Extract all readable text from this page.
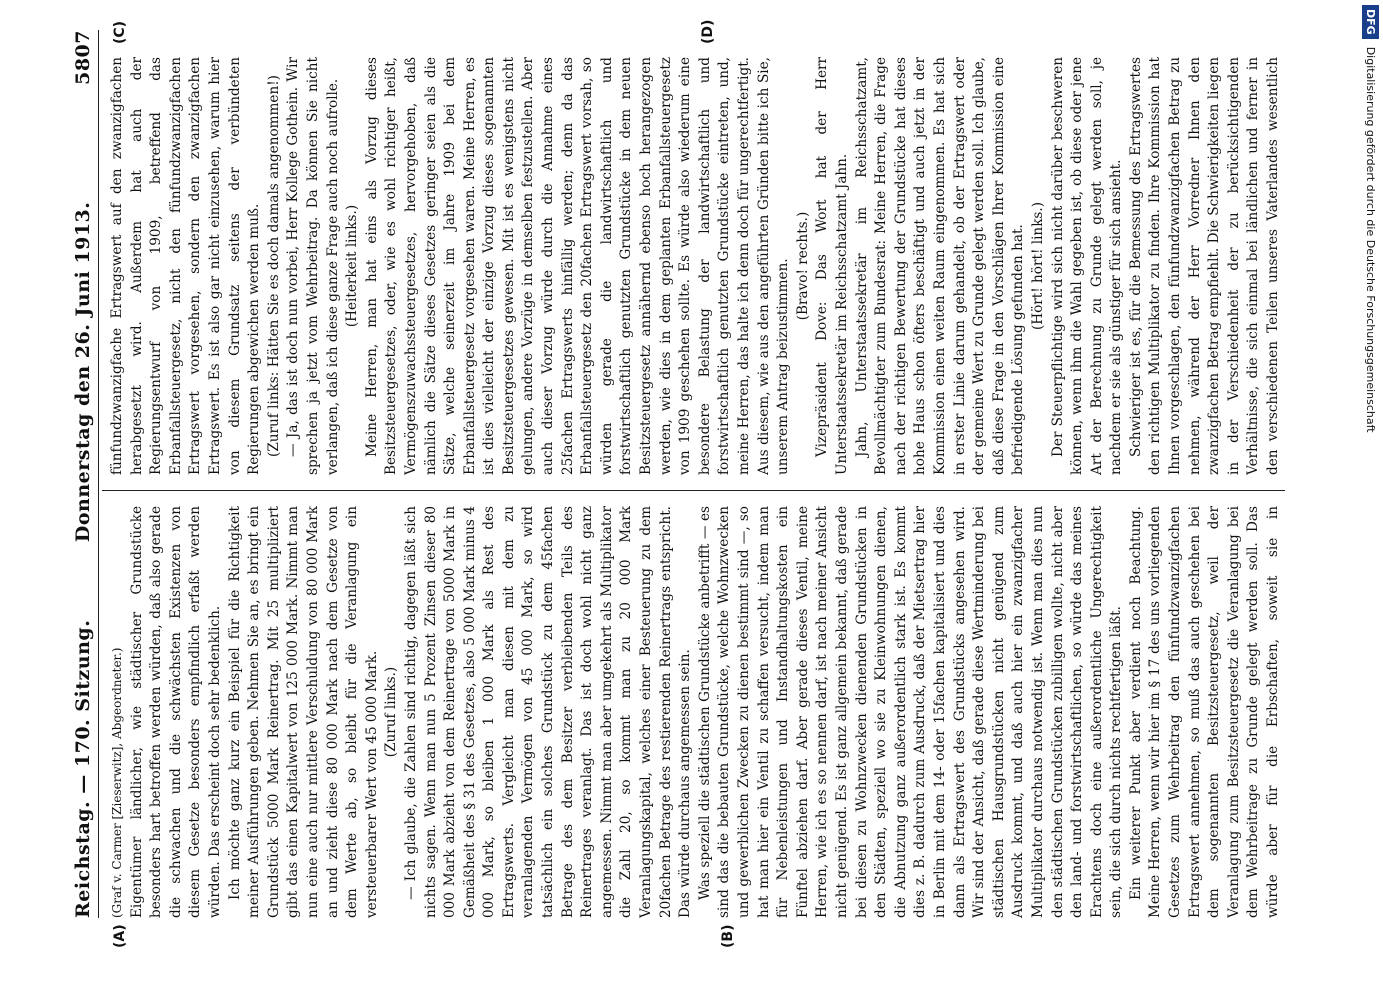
Reichstag. — 170. Sitzung.
Donnerstag den 26. Juni 1913.
5807
(A)	(B)
(C)	(D)

(Graf v. Carmer [Zieserwitz], Abgeordneter.) Eigentümer ländlicher, wie städtischer Grundstücke besonders hart betroffen werden würden, daß also gerade die schwachen und die schwächsten Existenzen von diesem Gesetze besonders empfindlich erfaßt werden würden. Das erscheint doch sehr bedenklich. Ich möchte ganz kurz ein Beispiel für die Richtigkeit meiner Ausführungen geben. Nehmen Sie an, es bringt ein Grundstück 5000 Mark Reinertrag. Mit 25 multipliziert gibt das einen Kapitalwert von 125 000 Mark. Nimmt man nun eine auch nur mittlere Verschuldung von 80 000 Mark an und zieht diese 80 000 Mark nach dem Gesetze von dem Werte ab, so bleibt für die Veranlagung ein versteuerbarer Wert von 45 000 Mark. (Zuruf links.) — Ich glaube, die Zahlen sind richtig, dagegen läßt sich nichts sagen. Wenn man nun 5 Prozent Zinsen dieser 80 000 Mark abzieht von dem Reinertrage von 5000 Mark in Gemäßheit des § 31 des Gesetzes, also 5 000 Mark minus 4 000 Mark, so bleiben 1 000 Mark als Rest des Ertragswerts. Vergleicht man diesen mit dem zu veranlagenden Vermögen von 45 000 Mark, so wird tatsächlich ein solches Grundstück zu dem 45fachen Betrage des dem Besitzer verbleibenden Teils des Reinertrages veranlagt. Das ist doch wohl nicht ganz angemessen. Nimmt man aber umgekehrt als Multiplikator die Zahl 20, so kommt man zu 20 000 Mark Veranlagungskapital, welches einer Besteuerung zu dem 20fachen Betrage des restierenden Reinertrags entspricht. Das würde durchaus angemessen sein. Was speziell die städtischen Grundstücke anbetrifft — es sind das die bebauten Grundstücke, welche Wohnzwecken und gewerblichen Zwecken zu dienen bestimmt sind —, so hat man hier ein Ventil zu schaffen versucht, indem man für Nebenleistungen und Instandhaltungskosten ein Fünftel abziehen darf. Aber gerade dieses Ventil, meine Herren, wie ich es so nennen darf, ist nach meiner Ansicht nicht genügend. Es ist ganz allgemein bekannt, daß gerade bei diesen zu Wohnzwecken dienenden Grundstücken in den Städten, speziell wo sie zu Kleinwohnungen dienen, die Abnutzung ganz außerordentlich stark ist. Es kommt dies z. B. dadurch zum Ausdruck, daß der Mietsertrag hier in Berlin mit dem 14- oder 15fachen kapitalisiert und dies dann als Ertragswert des Grundstücks angesehen wird. Wir sind der Ansicht, daß gerade diese Wertminderung bei städtischen Hausgrundstücken nicht genügend zum Ausdruck kommt, und daß auch hier ein zwanzigfacher Multiplikator durchaus notwendig ist. Wenn man dies nun den städtischen Grundstücken zubilligen wollte, nicht aber den land- und forstwirtschaftlichen, so würde das meines Erachtens doch eine außerordentliche Ungerechtigkeit sein, die sich durch nichts rechtfertigen läßt. Ein weiterer Punkt aber verdient noch Beachtung. Meine Herren, wenn wir hier im § 17 des uns vorliegenden Gesetzes zum Wehrbeitrag den fünfundzwanzigfachen Ertragswert annehmen, so muß das auch geschehen bei dem sogenannten Besitzsteuergesetz, weil der Veranlagung zum Besitzsteuergesetz die Veranlagung bei dem Wehrbeitrage zu Grunde gelegt werden soll. Das würde aber für die Erbschaften, soweit sie in

fünfundzwanzigfache Ertragswert auf den zwanzigfachen herabgesetzt wird. Außerdem hat auch der Regierungsentwurf von 1909, betreffend das Erbanfallsteuergesetz, nicht den fünfundzwanzigfachen Ertragswert vorgesehen, sondern den zwanzigfachen Ertragswert. Es ist also gar nicht einzusehen, warum hier von diesem Grundsatz seitens der verbündeten Regierungen abgewichen werden muß. (Zuruf links: Hätten Sie es doch damals angenommen!) — Ja, das ist doch nun vorbei, Herr Kollege Gothein. Wir sprechen ja jetzt vom Wehrbeitrag. Da können Sie nicht verlangen, daß ich diese ganze Frage auch noch aufrolle. (Heiterkeit links.) Meine Herren, man hat eins als Vorzug dieses Besitzsteuergesetzes, oder, wie es wohl richtiger heißt, Vermögenszuwachssteuergesetzes, hervorgehoben, daß nämlich die Sätze dieses Gesetzes geringer seien als die Sätze, welche seinerzeit im Jahre 1909 bei dem Erbanfallsteuergesetz vorgesehen waren. Meine Herren, es ist dies vielleicht der einzige Vorzug dieses sogenannten Besitzsteuergesetzes gewesen. Mit ist es wenigstens nicht gelungen, andere Vorzüge in demselben festzustellen. Aber auch dieser Vorzug würde durch die Annahme eines 25fachen Ertragswerts hinfällig werden; denn da das Erbanfallsteuergesetz den 20fachen Ertragswert vorsah, so würden gerade die landwirtschaftlich und forstwirtschaftlich genutzten Grundstücke in dem neuen Besitzsteuergesetz annähernd ebenso hoch herangezogen werden, wie dies in dem geplanten Erbanfallsteuergesetz von 1909 geschehen sollte. Es würde also wiederum eine besondere Belastung der landwirtschaftlich und forstwirtschaftlich genutzten Grundstücke eintreten, und, meine Herren, das halte ich denn doch für ungerechtfertigt. Aus diesem, wie aus den angeführten Gründen bitte ich Sie, unserem Antrag beizustimmen. (Bravo! rechts.) Vizepräsident Dove: Das Wort hat der Herr Unterstaatssekretär im Reichsschatzamt Jahn. Jahn, Unterstaatssekretär im Reichsschatzamt, Bevollmächtigter zum Bundesrat: Meine Herren, die Frage nach der richtigen Bewertung der Grundstücke hat dieses hohe Haus schon öfters beschäftigt und auch jetzt in der Kommission einen weiten Raum eingenommen. Es hat sich in erster Linie darum gehandelt, ob der Ertragswert oder der gemeine Wert zu Grunde gelegt werden soll. Ich glaube, daß diese Frage in den Vorschlägen Ihrer Kommission eine befriedigende Lösung gefunden hat. (Hört! hört! links.) Der Steuerpflichtige wird sich nicht darüber beschweren können, wenn ihm die Wahl gegeben ist, ob diese oder jene Art der Berechnung zu Grunde gelegt werden soll, je nachdem er sie als günstiger für sich ansieht. Schwieriger ist es, für die Bemessung des Ertragswertes den richtigen Multiplikator zu finden. Ihre Kommission hat Ihnen vorgeschlagen, den fünfundzwanzigfachen Betrag zu nehmen, während der Herr Vorredner Ihnen den zwanzigfachen Betrag empfiehlt. Die Schwierigkeiten liegen in der Verschiedenheit der zu berücksichtigenden Verhältnisse, die sich einmal bei ländlichen und ferner in den verschiedenen Teilen unseres Vaterlandes wesentlich

DFG
Digitalisierung gefördert durch die Deutsche Forschungsgemeinschaft
